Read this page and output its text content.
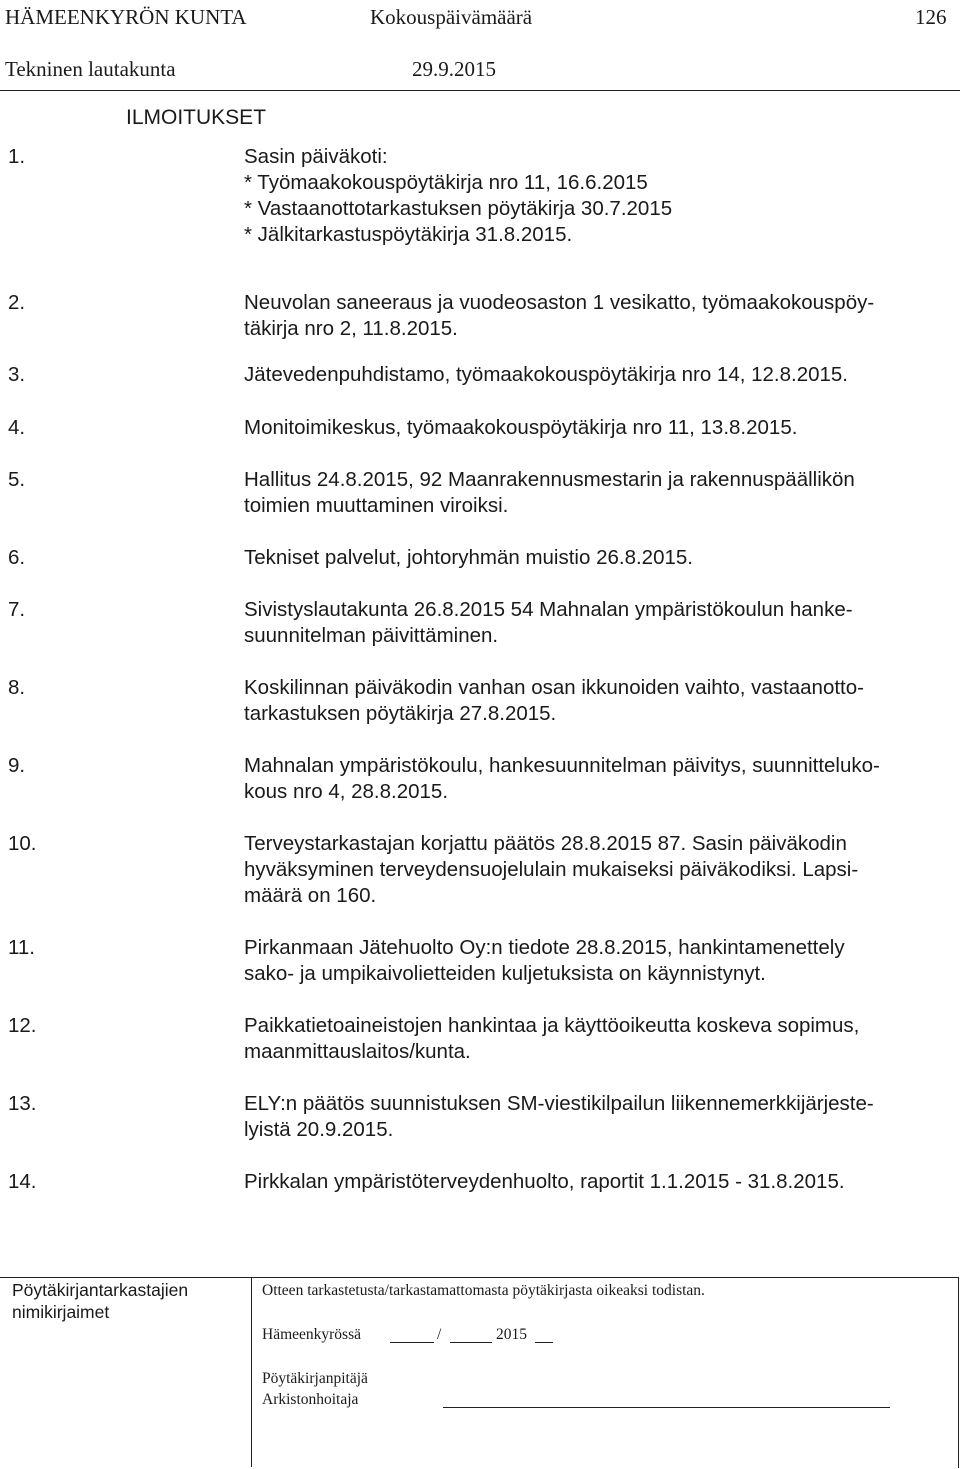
HÄMEENKYRÖN KUNTA	Kokouspäivämäärä	126
Tekninen lautakunta	29.9.2015
ILMOITUKSET
1.	Sasin päiväkoti:
* Työmaakokouspöytäkirja nro 11, 16.6.2015
* Vastaanottotarkastuksen pöytäkirja 30.7.2015
* Jälkitarkastuspöytäkirja 31.8.2015.
2.	Neuvolan saneeraus ja vuodeosaston 1 vesikatto, työmaakokouspöy-
täkirja nro 2, 11.8.2015.
3.	Jätevedenpuhdistamo, työmaakokouspöytäkirja nro 14, 12.8.2015.
4.	Monitoimikeskus, työmaakokouspöytäkirja nro 11, 13.8.2015.
5.	Hallitus 24.8.2015, 92 Maanrakennusmestarin ja rakennuspäällikön
toimien muuttaminen viroiksi.
6.	Tekniset palvelut, johtoryhmän muistio 26.8.2015.
7.	Sivistyslautakunta 26.8.2015 54 Mahnalan ympäristökoulun hanke-
suunnitelman päivittäminen.
8.	Koskilinnan päiväkodin vanhan osan ikkunoiden vaihto, vastaanotto-
tarkastuksen pöytäkirja 27.8.2015.
9.	Mahnalan ympäristökoulu, hankesuunnitelman päivitys, suunnitteluko-
kous nro 4, 28.8.2015.
10.	Terveystarkastajan korjattu päätös 28.8.2015 87. Sasin päiväkodin
hyväksyminen terveydensuojelulain mukaiseksi päiväkodiksi. Lapsi-
määrä on 160.
11.	Pirkanmaan Jätehuolto Oy:n tiedote 28.8.2015, hankintamenettely
sako- ja umpikaivolietteiden kuljetuksista on käynnistynyt.
12.	Paikkatietoaineistojen hankintaa ja käyttöoikeutta koskeva sopimus,
maanmittauslaitos/kunta.
13.	ELY:n päätös suunnistuksen SM-viestikilpailun liikennemerkkijärjeste-
lyistä 20.9.2015.
14.	Pirkkalan ympäristöterveydenhuolto, raportit 1.1.2015 - 31.8.2015.
Pöytäkirjantarkastajien
nimikirjaimet
Otteen tarkastetusta/tarkastamattomasta pöytäkirjasta oikeaksi todistan.
Hämeenkyrössä	/	2015
Pöytäkirjanpitäjä
Arkistonhoitaja
